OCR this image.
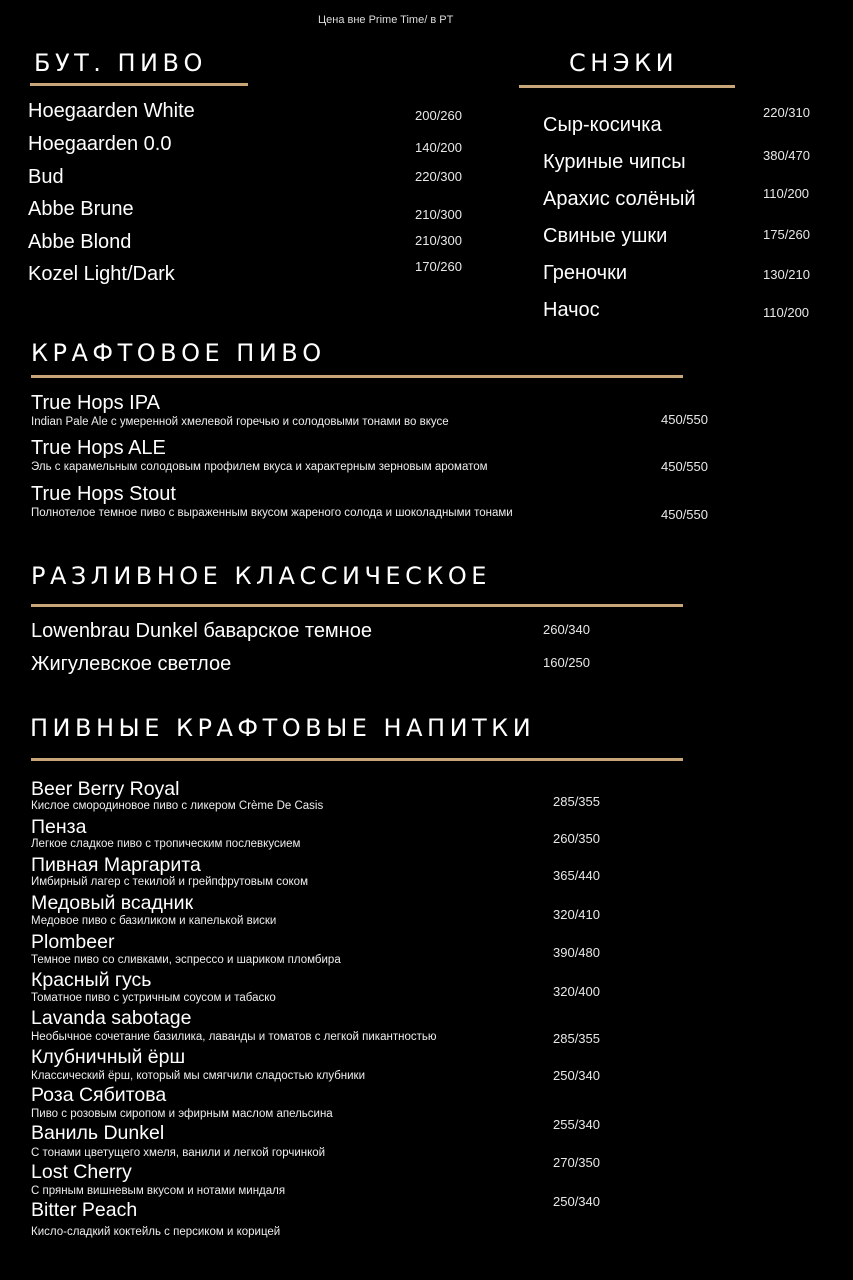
Цена вне Prime Time/ в PT
БУТ. ПИВО	СНЭКИ
КРАФТОВОЕ ПИВО
РАЗЛИВНОЕ КЛАССИЧЕСКОЕ
ПИВНЫЕ КРАФТОВЫЕ НАПИТКИ
Hoegaarden White
Hoegaarden 0.0
Bud
Abbe Brune
Abbe Blond
Kozel Light/Dark
200/260
140/200
220/300
210/300
210/300
170/260
Сыр-косичка
Куриные чипсы
Арахис солёный
Свиные ушки
Греночки
Начос
220/310
380/470
110/200
175/260
130/210
110/200
True Hops IPA
True Hops ALE
True Hops Stout
Indian Pale Ale с умеренной хмелевой горечью и солодовыми тонами во вкусе
Эль с карамельным солодовым профилем вкуса и характерным зерновым ароматом
Полнотелое темное пиво с выраженным вкусом жареного солода и шоколадными тонами
450/550
450/550
450/550
Lowenbrau Dunkel баварское темное
Жигулевское светлое
260/340
160/250
Beer Berry Royal
Пенза
Пивная Маргарита
Медовый всадник
Plombeer
Красный гусь
Lavanda sabotage
Клубничный ёрш
Роза Сябитова
Ваниль Dunkel
Lost Cherry
Bitter Peach
Кислое смородиновое пиво с ликером Crème De Casis
Легкое сладкое пиво с тропическим послевкусием
Имбирный лагер с текилой и грейпфрутовым соком
Медовое пиво с базиликом и капелькой виски
Темное пиво со сливками, эспрессо и шариком пломбира
Томатное пиво с устричным соусом и табаско
Необычное сочетание базилика, лаванды и томатов с легкой пикантностью
Классический ёрш, который мы смягчили сладостью клубники
Пиво с розовым сиропом и эфирным маслом апельсина
С тонами цветущего хмеля, ванили и легкой горчинкой
С пряным вишневым вкусом и нотами миндаля
Кисло-сладкий коктейль с персиком и корицей
285/355
260/350
365/440
320/410
390/480
320/400
285/355
250/340
255/340
270/350
250/340
